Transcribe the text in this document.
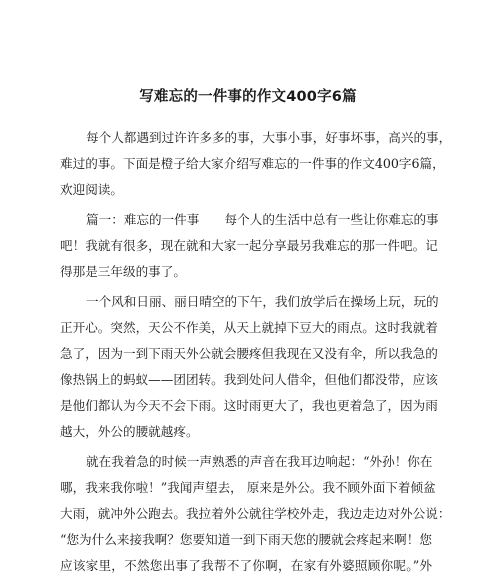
写难忘的一件事的作文400字6篇
每个人都遇到过许许多多的事，大事小事，好事坏事，高兴的事，
难过的事。下面是橙子给大家介绍写难忘的一件事的作文400字6篇，
欢迎阅读。
篇一：难忘的一件事　　每个人的生活中总有一些让你难忘的事
吧！我就有很多，现在就和大家一起分享最另我难忘的那一件吧。记
得那是三年级的事了。
一个风和日丽、丽日晴空的下午，我们放学后在操场上玩，玩的
正开心。突然，天公不作美，从天上就掉下豆大的雨点。这时我就着
急了，因为一到下雨天外公就会腰疼但我现在又没有伞，所以我急的
像热锅上的蚂蚁——团团转。我到处问人借伞，但他们都没带，应该
是他们都认为今天不会下雨。这时雨更大了，我也更着急了，因为雨
越大，外公的腰就越疼。
就在我着急的时候一声熟悉的声音在我耳边响起：“外孙！你在
哪，我来我你啦！”我闻声望去， 原来是外公。我不顾外面下着倾盆
大雨，就冲外公跑去。我拉着外公就往学校外走，我边走边对外公说：
“您为什么来接我啊？您要知道一到下雨天您的腰就会疼起来啊！您
应该家里，不然您出事了我帮不了你啊，在家有外婆照顾你呢。”外
